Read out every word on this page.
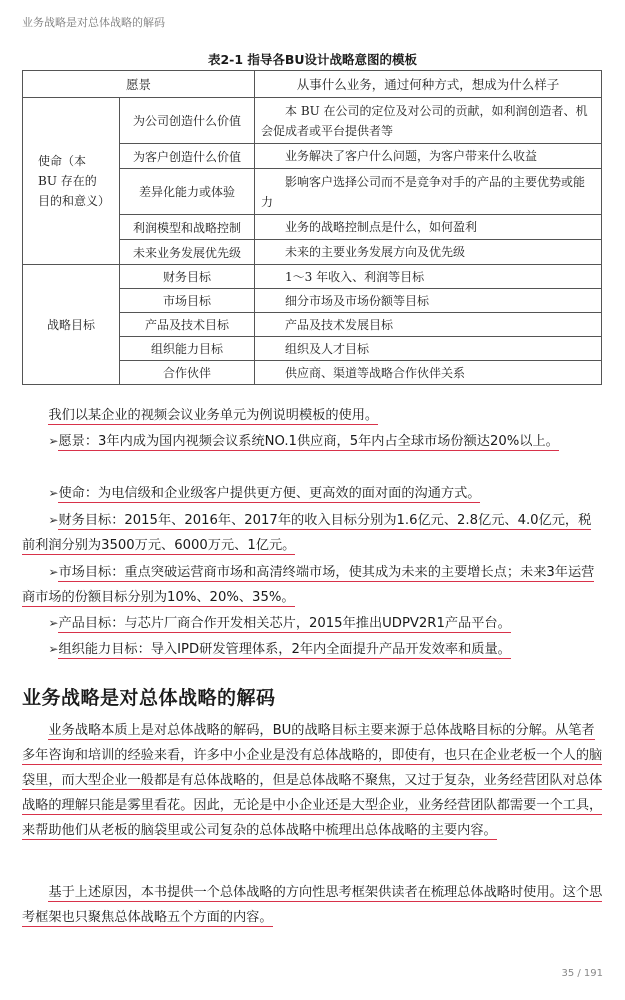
业务战略是对总体战略的解码
表2-1 指导各BU设计战略意图的模板
愿景		从事什么业务，通过何种方式，想成为什么样子
使命（本 BU 存在的目的和意义）	为公司创造什么价值	本 BU 在公司的定位及对公司的贡献，如利润创造者、机会促成者或平台提供者等

	为客户创造什么价值	业务解决了客户什么问题，为客户带来什么收益

	差异化能力或体验	影响客户选择公司而不是竞争对手的产品的主要优势或能力

	利润模型和战略控制	业务的战略控制点是什么，如何盈利

	未来业务发展优先级	未来的主要业务发展方向及优先级

战略目标	财务目标	1～3 年收入、利润等目标

	市场目标	细分市场及市场份额等目标

	产品及技术目标	产品及技术发展目标

	组织能力目标	组织及人才目标

	合作伙伴	供应商、渠道等战略合作伙伴关系

我们以某企业的视频会议业务单元为例说明模板的使用。

➢愿景：3年内成为国内视频会议系统NO.1供应商，5年内占全球市场份额达20%以上。

➢使命：为电信级和企业级客户提供更方便、更高效的面对面的沟通方式。

➢财务目标：2015年、2016年、2017年的收入目标分别为1.6亿元、2.8亿元、4.0亿元，税前利润分别为3500万元、6000万元、1亿元。

➢市场目标：重点突破运营商市场和高清终端市场，使其成为未来的主要增长点；未来3年运营商市场的份额目标分别为10%、20%、35%。

➢产品目标：与芯片厂商合作开发相关芯片，2015年推出UDPV2R1产品平台。

➢组织能力目标：导入IPD研发管理体系，2年内全面提升产品开发效率和质量。

业务战略是对总体战略的解码

业务战略本质上是对总体战略的解码，BU的战略目标主要来源于总体战略目标的分解。从笔者多年咨询和培训的经验来看，许多中小企业是没有总体战略的，即使有，也只在企业老板一个人的脑袋里，而大型企业一般都是有总体战略的，但是总体战略不聚焦，又过于复杂，业务经营团队对总体战略的理解只能是雾里看花。因此，无论是中小企业还是大型企业，业务经营团队都需要一个工具，来帮助他们从老板的脑袋里或公司复杂的总体战略中梳理出总体战略的主要内容。

基于上述原因，本书提供一个总体战略的方向性思考框架供读者在梳理总体战略时使用。这个思考框架也只聚焦总体战略五个方面的内容。

35 / 191
